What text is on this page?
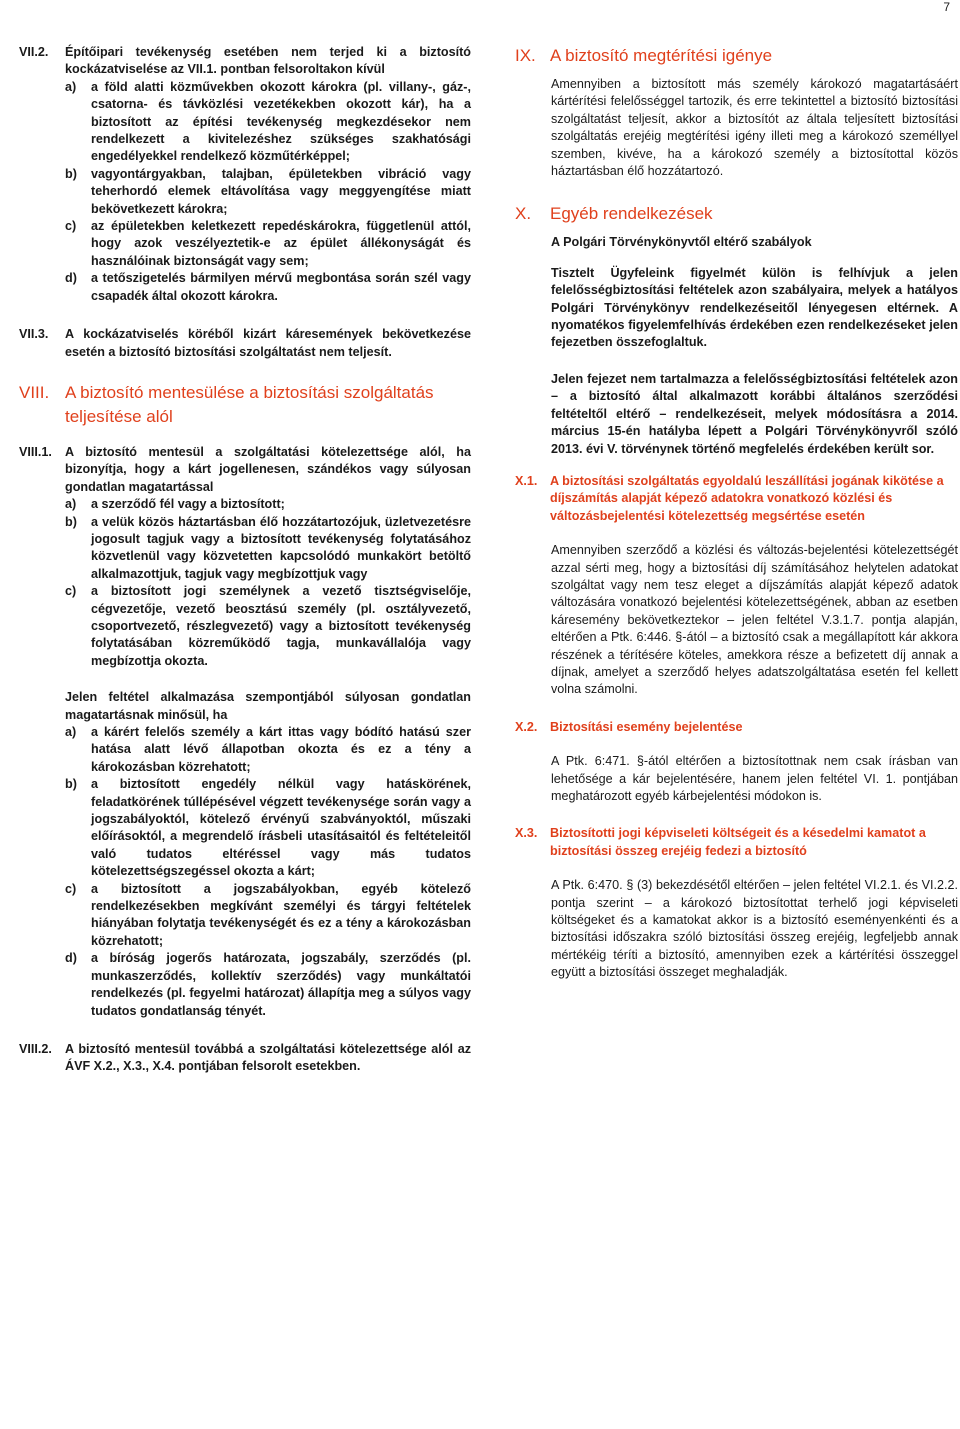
7
VII.2. Építőipari tevékenység esetében nem terjed ki a biztosító kockázatviselése az VII.1. pontban felsoroltakon kívül

a) a föld alatti közművekben okozott károkra (pl. villany-, gáz-, csatorna- és távközlési vezetékekben okozott kár), ha a biztosított az építési tevékenység megkezdésekor nem rendelkezett a kivitelezéshez szükséges szakhatósági engedélyekkel rendelkező közműtérképpel;

b) vagyontárgyakban, talajban, épületekben vibráció vagy teherhordó elemek eltávolítása vagy meggyengítése miatt bekövetkezett károkra;

c) az épületekben keletkezett repedéskárokra, függetlenül attól, hogy azok veszélyeztetik-e az épület állékonyságát és használóinak biztonságát vagy sem;

d) a tetőszigetelés bármilyen mérvű megbontása során szél vagy csapadék által okozott károkra.

VII.3. A kockázatviselés köréből kizárt káresemények bekövetkezése esetén a biztosító biztosítási szolgáltatást nem teljesít.

VIII. A biztosító mentesülése a biztosítási szolgáltatás teljesítése alól
VIII.1. A biztosító mentesül a szolgáltatási kötelezettsége alól, ha bizonyítja, hogy a kárt jogellenesen, szándékos vagy súlyosan gondatlan magatartással

a) a szerződő fél vagy a biztosított;

b) a velük közös háztartásban élő hozzátartozójuk, üzletvezetésre jogosult tagjuk vagy a biztosított tevékenység folytatásához közvetlenül vagy közvetetten kapcsolódó munkakört betöltő alkalmazottjuk, tagjuk vagy megbízottjuk vagy

c) a biztosított jogi személynek a vezető tisztségviselője, cégvezetője, vezető beosztású személy (pl. osztályvezető, csoportvezető, részlegvezető) vagy a biztosított tevékenység folytatásában közreműködő tagja, munkavállalója vagy megbízottja okozta.

Jelen feltétel alkalmazása szempontjából súlyosan gondatlan magatartásnak minősül, ha

a) a kárért felelős személy a kárt ittas vagy bódító hatású szer hatása alatt lévő állapotban okozta és ez a tény a károkozásban közrehatott;

b) a biztosított engedély nélkül vagy hatáskörének, feladatkörének túllépésével végzett tevékenysége során vagy a jogszabályoktól, kötelező érvényű szabványoktól, műszaki előírásoktól, a megrendelő írásbeli utasításaitól és feltételeitől való tudatos eltéréssel vagy más tudatos kötelezettségszegéssel okozta a kárt;

c) a biztosított a jogszabályokban, egyéb kötelező rendelkezésekben megkívánt személyi és tárgyi feltételek hiányában folytatja tevékenységét és ez a tény a károkozásban közrehatott;

d) a bíróság jogerős határozata, jogszabály, szerződés (pl. munkaszerződés, kollektív szerződés) vagy munkáltatói rendelkezés (pl. fegyelmi határozat) állapítja meg a súlyos vagy tudatos gondatlanság tényét.

VIII.2. A biztosító mentesül továbbá a szolgáltatási kötelezettsége alól az ÁVF X.2., X.3., X.4. pontjában felsorolt esetekben.

IX. A biztosító megtérítési igénye

Amennyiben a biztosított más személy károkozó magatartásáért kártérítési felelősséggel tartozik, és erre tekintettel a biztosító biztosítási szolgáltatást teljesít, akkor a biztosítót az általa teljesített biztosítási szolgáltatás erejéig megtérítési igény illeti meg a károkozó személlyel szemben, kivéve, ha a károkozó személy a biztosítottal közös háztartásban élő hozzátartozó.

X. Egyéb rendelkezések

A Polgári Törvénykönyvtől eltérő szabályok

Tisztelt Ügyfeleink figyelmét külön is felhívjuk a jelen felelősségbiztosítási feltételek azon szabályaira, melyek a hatályos Polgári Törvénykönyv rendelkezéseitől lényegesen eltérnek. A nyomatékos figyelemfelhívás érdekében ezen rendelkezéseket jelen fejezetben összefoglaltuk.

Jelen fejezet nem tartalmazza a felelősségbiztosítási feltételek azon – a biztosító által alkalmazott korábbi általános szerződési feltételtől eltérő – rendelkezéseit, melyek módosításra a 2014. március 15-én hatályba lépett a Polgári Törvénykönyvről szóló 2013. évi V. törvénynek történő megfelelés érdekében került sor.

X.1. A biztosítási szolgáltatás egyoldalú leszállítási jogának kikötése a díjszámítás alapját képező adatokra vonatkozó közlési és változásbejelentési kötelezettség megsértése esetén

Amennyiben szerződő a közlési és változás-bejelentési kötelezettségét azzal sérti meg, hogy a biztosítási díj számításához helytelen adatokat szolgáltat vagy nem tesz eleget a díjszámítás alapját képező adatok változására vonatkozó bejelentési kötelezettségének, abban az esetben káresemény bekövetkeztekor – jelen feltétel V.3.1.7. pontja alapján, eltérően a Ptk. 6:446. §-ától – a biztosító csak a megállapított kár akkora részének a térítésére köteles, amekkora része a befizetett díj annak a díjnak, amelyet a szerződő helyes adatszolgáltatása esetén fel kellett volna számolni.

X.2. Biztosítási esemény bejelentése

A Ptk. 6:471. §-ától eltérően a biztosítottnak nem csak írásban van lehetősége a kár bejelentésére, hanem jelen feltétel VI. 1. pontjában meghatározott egyéb kárbejelentési módokon is.

X.3. Biztosítotti jogi képviseleti költségeit és a késedelmi kamatot a biztosítási összeg erejéig fedezi a biztosító

A Ptk. 6:470. § (3) bekezdésétől eltérően – jelen feltétel VI.2.1. és VI.2.2. pontja szerint – a károkozó biztosítottat terhelő jogi képviseleti költségeket és a kamatokat akkor is a biztosító eseményenkénti és a biztosítási időszakra szóló biztosítási összeg erejéig, legfeljebb annak mértékéig téríti a biztosító, amennyiben ezek a kártérítési összeggel együtt a biztosítási összeget meghaladják.
